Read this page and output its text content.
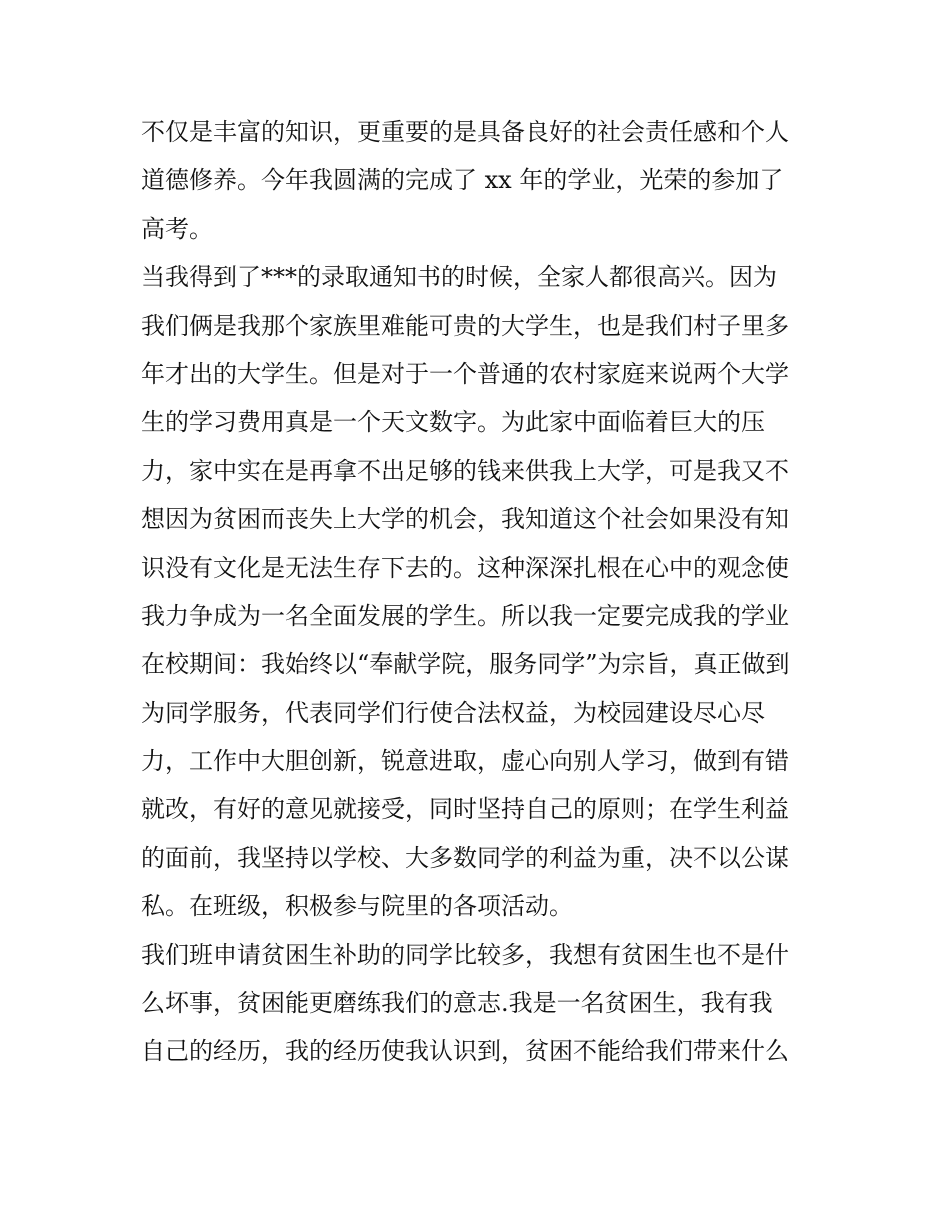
不仅是丰富的知识，更重要的是具备良好的社会责任感和个人
道德修养。今年我圆满的完成了 xx 年的学业，光荣的参加了
高考。
当我得到了***的录取通知书的时候，全家人都很高兴。因为
我们俩是我那个家族里难能可贵的大学生，也是我们村子里多
年才出的大学生。但是对于一个普通的农村家庭来说两个大学
生的学习费用真是一个天文数字。为此家中面临着巨大的压
力，家中实在是再拿不出足够的钱来供我上大学，可是我又不
想因为贫困而丧失上大学的机会，我知道这个社会如果没有知
识没有文化是无法生存下去的。这种深深扎根在心中的观念使
我力争成为一名全面发展的学生。所以我一定要完成我的学业
在校期间：我始终以“奉献学院，服务同学”为宗旨，真正做到
为同学服务，代表同学们行使合法权益，为校园建设尽心尽
力，工作中大胆创新，锐意进取，虚心向别人学习，做到有错
就改，有好的意见就接受，同时坚持自己的原则；在学生利益
的面前，我坚持以学校、大多数同学的利益为重，决不以公谋
私。在班级，积极参与院里的各项活动。
我们班申请贫困生补助的同学比较多，我想有贫困生也不是什
么坏事，贫困能更磨练我们的意志.我是一名贫困生，我有我
自己的经历，我的经历使我认识到，贫困不能给我们带来什么
